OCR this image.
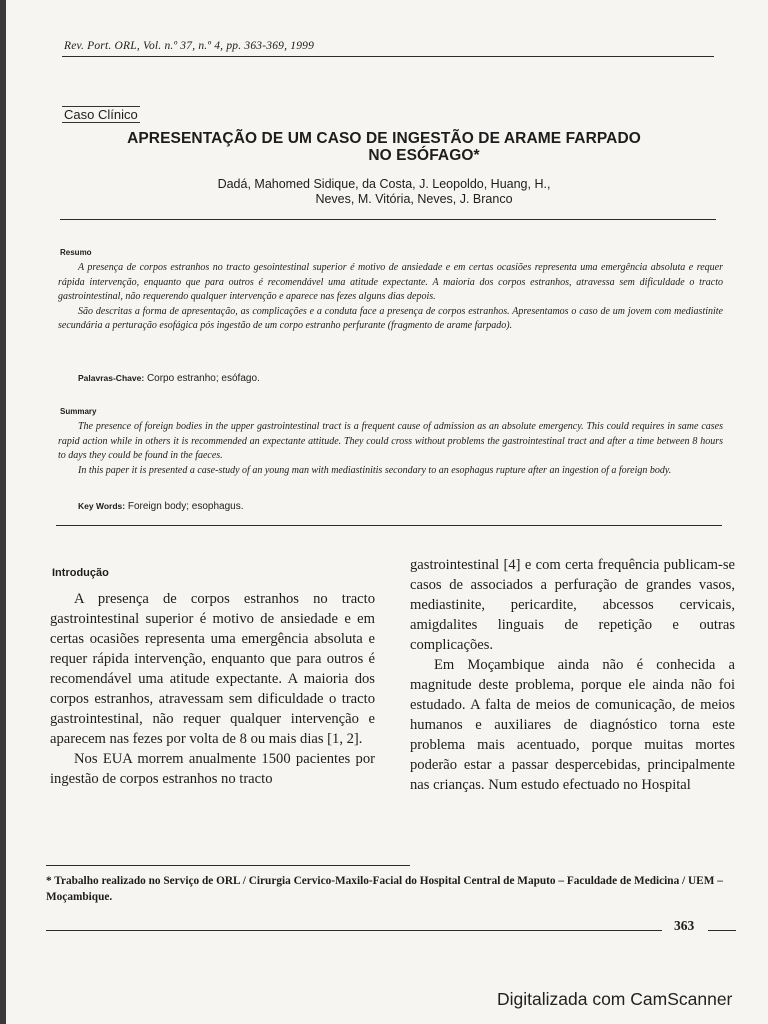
Rev. Port. ORL, Vol. n.º 37, n.º 4, pp. 363-369, 1999
Caso Clínico
APRESENTAÇÃO DE UM CASO DE INGESTÃO DE ARAME FARPADO
NO ESÓFAGO*
Dadá, Mahomed Sidique, da Costa, J. Leopoldo, Huang, H.,
Neves, M. Vitória, Neves, J. Branco
Resumo

A presença de corpos estranhos no tracto gesointestinal superior é motivo de ansiedade e em certas ocasiões representa uma emergência absoluta e requer rápida intervenção, enquanto que para outros é recomendável uma atitude expectante. A maioria dos corpos estranhos, atravessa sem dificuldade o tracto gastrointestinal, não requerendo qualquer intervenção e aparece nas fezes alguns dias depois.

São descritas a forma de apresentação, as complicações e a conduta face a presença de corpos estranhos. Apresentamos o caso de um jovem com mediastinite secundária a perturação esofágica pós ingestão de um corpo estranho perfurante (fragmento de arame farpado).

Palavras-Chave: Corpo estranho; esófago.
Summary

The presence of foreign bodies in the upper gastrointestinal tract is a frequent cause of admission as an absolute emergency. This could requires in same cases rapid action while in others it is recommended an expectante attitude. They could cross without problems the gastrointestinal tract and after a time between 8 hours to days they could be found in the faeces.

In this paper it is presented a case-study of an young man with mediastinitis secondary to an esophagus rupture after an ingestion of a foreign body.

Key Words: Foreign body; esophagus.
Introdução

A presença de corpos estranhos no tracto gastrointestinal superior é motivo de ansiedade e em certas ocasiões representa uma emergência absoluta e requer rápida intervenção, enquanto que para outros é recomendável uma atitude expectante. A maioria dos corpos estranhos, atravessam sem dificuldade o tracto gastrointestinal, não requer qualquer intervenção e aparecem nas fezes por volta de 8 ou mais dias [1, 2].

Nos EUA morrem anualmente 1500 pacientes por ingestão de corpos estranhos no tracto

gastrointestinal [4] e com certa frequência publicam-se casos de associados a perfuração de grandes vasos, mediastinite, pericardite, abcessos cervicais, amigdalites linguais de repetição e outras complicações.

Em Moçambique ainda não é conhecida a magnitude deste problema, porque ele ainda não foi estudado. A falta de meios de comunicação, de meios humanos e auxiliares de diagnóstico torna este problema mais acentuado, porque muitas mortes poderão estar a passar despercebidas, principalmente nas crianças. Num estudo efectuado no Hospital

* Trabalho realizado no Serviço de ORL / Cirurgia Cervico-Maxilo-Facial do Hospital Central de Maputo – Faculdade de Medicina / UEM – Moçambique.
363
Digitalizada com CamScanner
